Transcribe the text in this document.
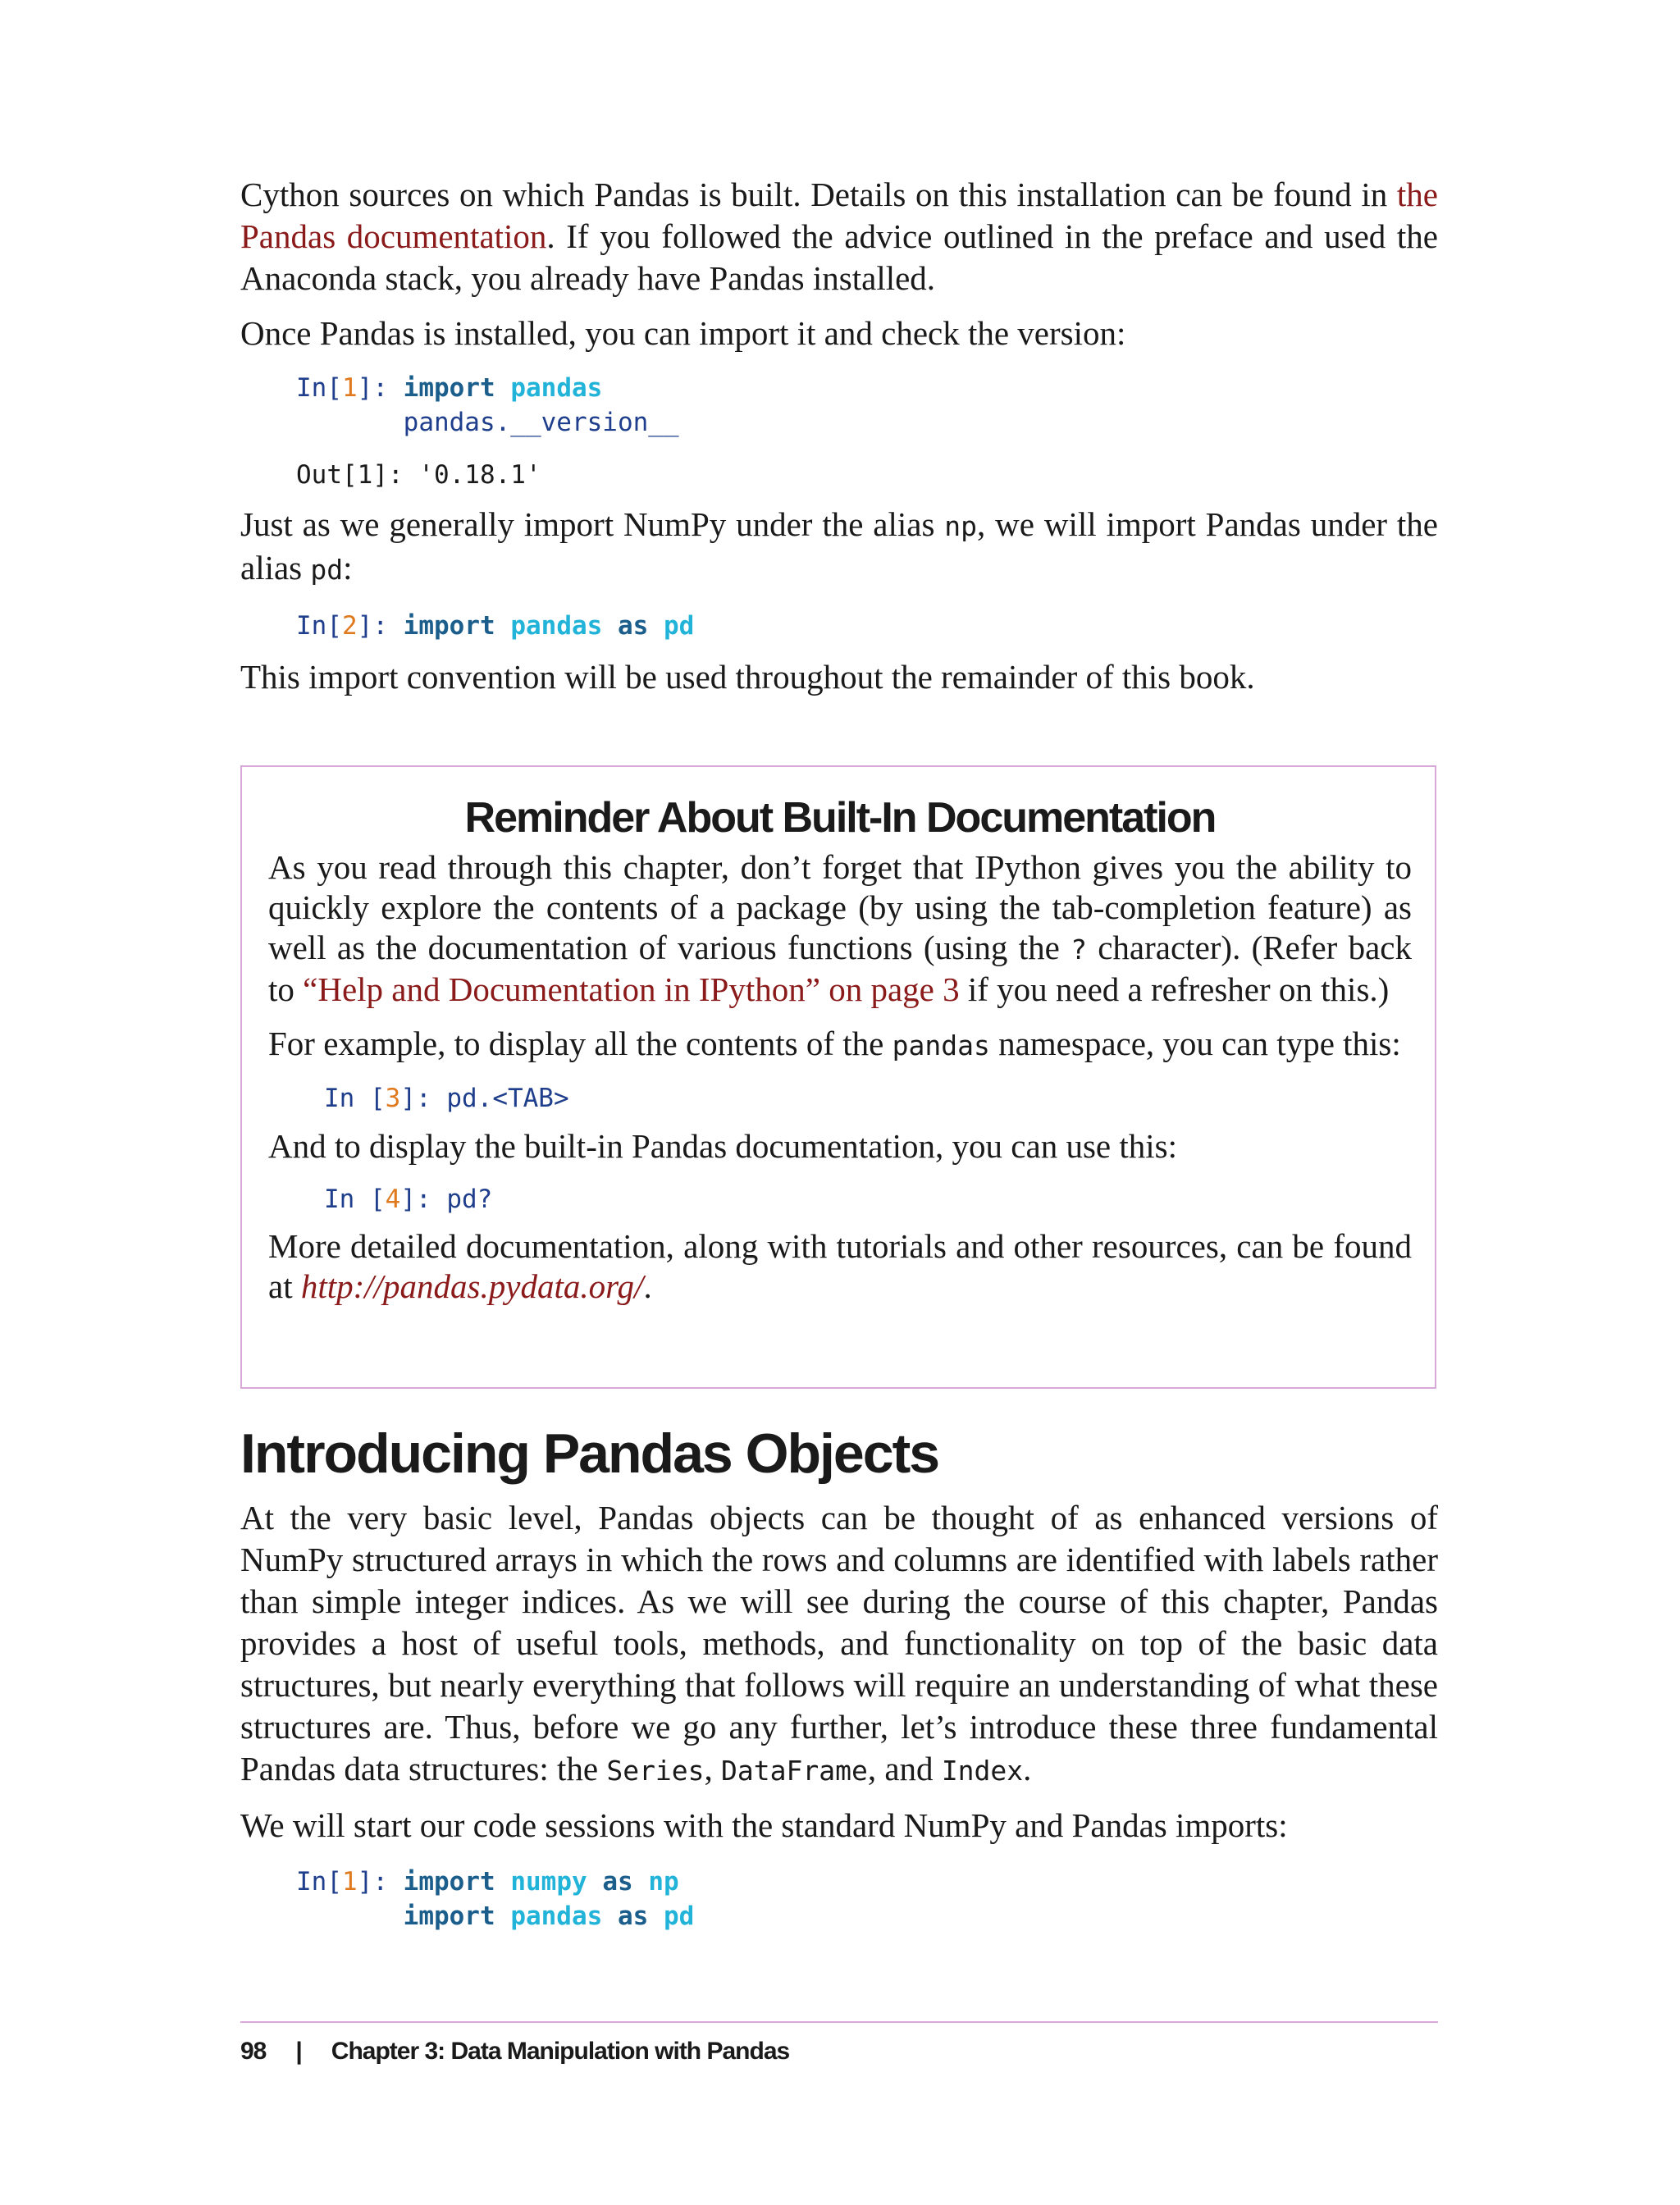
Cython sources on which Pandas is built. Details on this installation can be found in the Pandas documentation. If you followed the advice outlined in the preface and used the Anaconda stack, you already have Pandas installed.

Once Pandas is installed, you can import it and check the version:

In[1]: import pandas
pandas.__version__
Out[1]: '0.18.1'

Just as we generally import NumPy under the alias np, we will import Pandas under the alias pd:

In[2]: import pandas as pd

This import convention will be used throughout the remainder of this book.

Reminder About Built-In Documentation

As you read through this chapter, don’t forget that IPython gives you the ability to quickly explore the contents of a package (by using the tab-completion feature) as well as the documentation of various functions (using the ? character). (Refer back to “Help and Documentation in IPython” on page 3 if you need a refresher on this.)

For example, to display all the contents of the pandas namespace, you can type this:

In [3]: pd.<TAB>

And to display the built-in Pandas documentation, you can use this:

In [4]: pd?

More detailed documentation, along with tutorials and other resources, can be found at http://pandas.pydata.org/.

Introducing Pandas Objects

At the very basic level, Pandas objects can be thought of as enhanced versions of NumPy structured arrays in which the rows and columns are identified with labels rather than simple integer indices. As we will see during the course of this chapter, Pandas provides a host of useful tools, methods, and functionality on top of the basic data structures, but nearly everything that follows will require an understanding of what these structures are. Thus, before we go any further, let’s introduce these three fundamental Pandas data structures: the Series, DataFrame, and Index.

We will start our code sessions with the standard NumPy and Pandas imports:

In[1]: import numpy as np
import pandas as pd
98 | Chapter 3: Data Manipulation with Pandas
